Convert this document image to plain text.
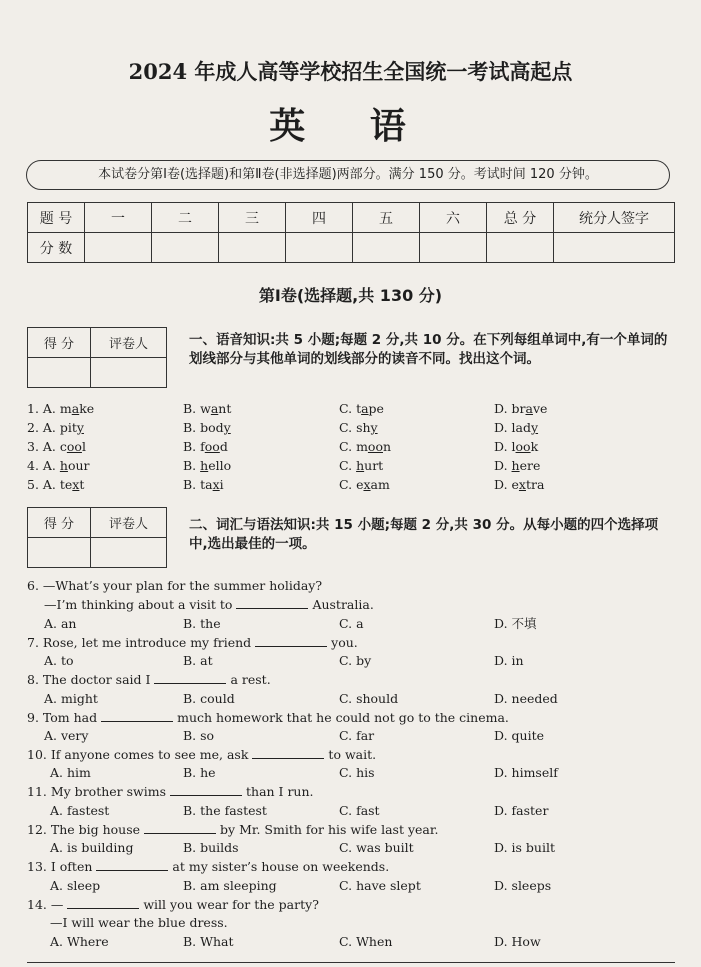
2024 年成人高等学校招生全国统一考试高起点
英 语
本试卷分第Ⅰ卷(选择题)和第Ⅱ卷(非选择题)两部分。满分 150 分。考试时间 120 分钟。
题 号	一	二	三	四	五	六	总 分	统分人签字
分 数								
第Ⅰ卷(选择题,共 130 分)
得 分	评卷人
		一、语音知识:共 5 小题;每题 2 分,共 10 分。在下列每组单词中,有一个单词的划线部分与其他单词的划线部分的读音不同。找出这个词。
1. A. make	B. want	C. tape	D. brave
2. A. pity	B. body	C. shy	D. lady
3. A. cool	B. food	C. moon	D. look
4. A. hour	B. hello	C. hurt	D. here
5. A. text	B. taxi	C. exam	D. extra
得 分	评卷人
		二、词汇与语法知识:共 15 小题;每题 2 分,共 30 分。从每小题的四个选择项中,选出最佳的一项。
6. —What’s your plan for the summer holiday?
—I’m thinking about a visit to	Australia.
A. an	B. the	C. a	D. 不填
7. Rose, let me introduce my friend	you.
A. to	B. at	C. by	D. in
8. The doctor said I	a rest.
A. might	B. could	C. should	D. needed
9. Tom had	much homework that he could not go to the cinema.
A. very	B. so	C. far	D. quite
10. If anyone comes to see me, ask	to wait.
A. him	B. he	C. his	D. himself
11. My brother swims	than I run.
A. fastest	B. the fastest	C. fast	D. faster
12. The big house	by Mr. Smith for his wife last year.
A. is building	B. builds	C. was built	D. is built
13. I often	at my sister’s house on weekends.
A. sleep	B. am sleeping	C. have slept	D. sleeps
14. —	will you wear for the party?
—I will wear the blue dress.
A. Where	B. What	C. When	D. How
